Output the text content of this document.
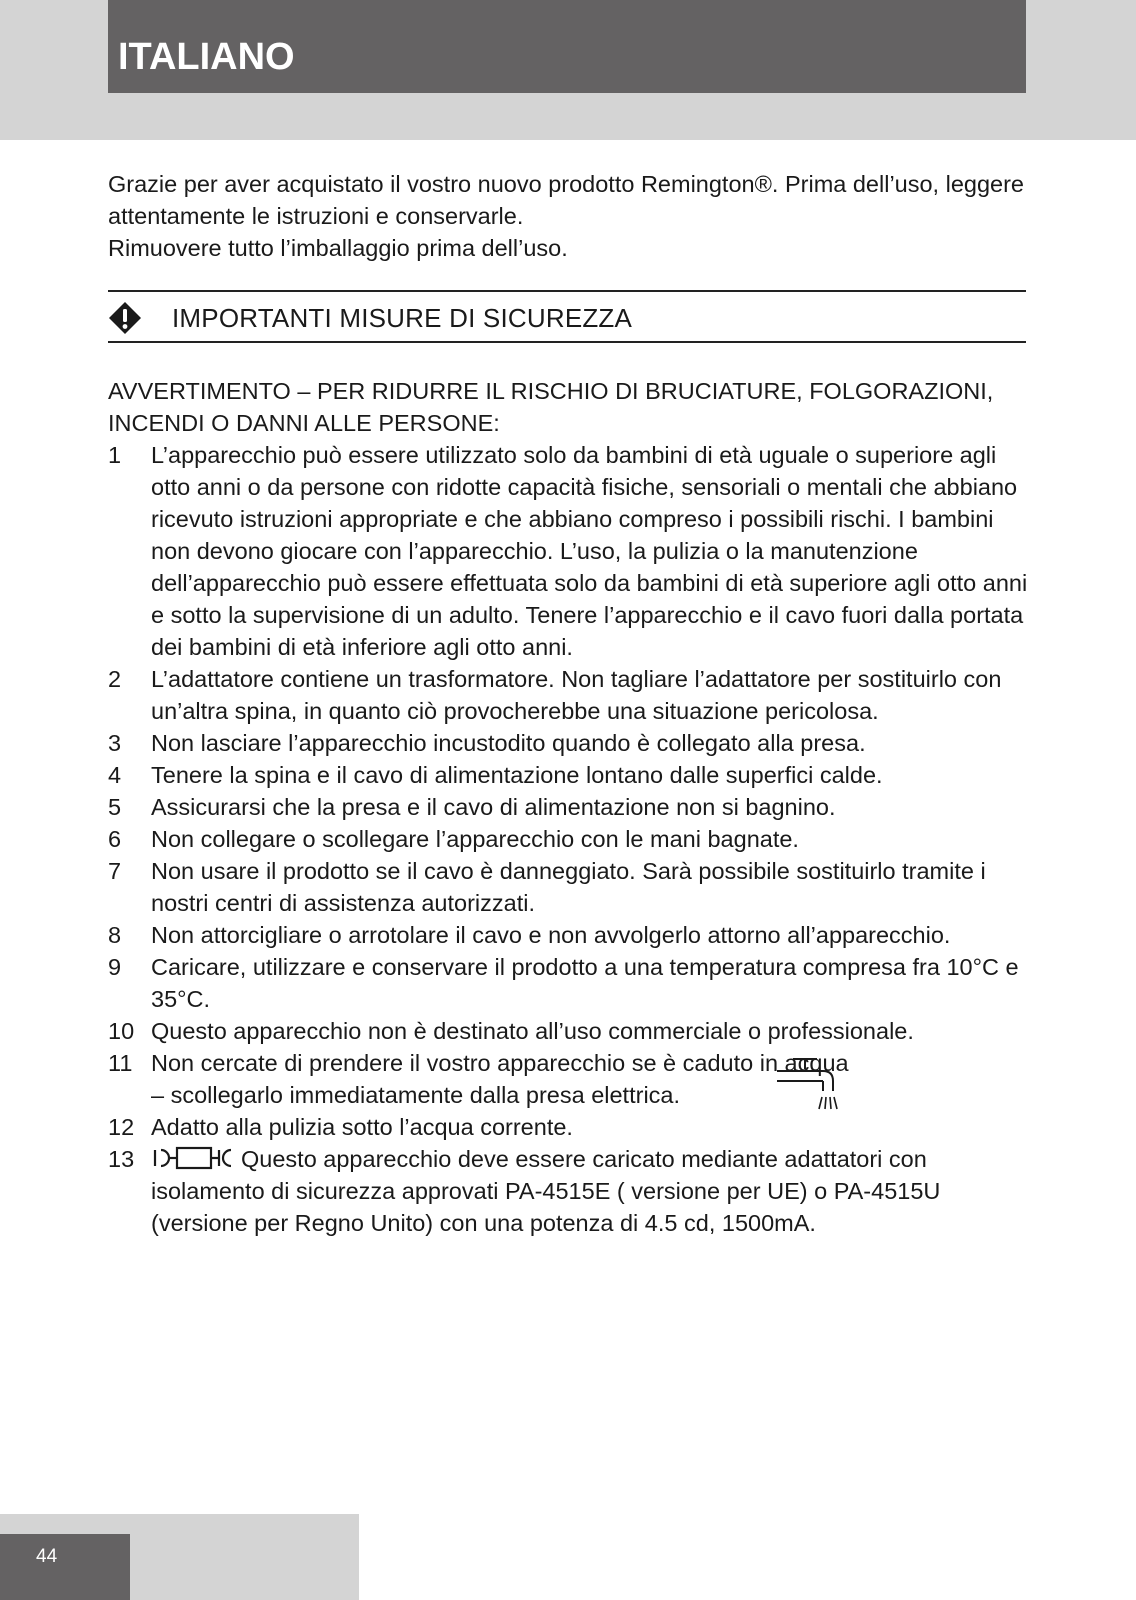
ITALIANO

Grazie per aver acquistato il vostro nuovo prodotto Remington®. Prima dell’uso, leggere attentamente le istruzioni e conservarle.

Rimuovere tutto l’imballaggio prima dell’uso.

IMPORTANTI MISURE DI SICUREZZA

AVVERTIMENTO – PER RIDURRE IL RISCHIO DI BRUCIATURE, FOLGORAZIONI, INCENDI O DANNI ALLE PERSONE:

1	L’apparecchio può essere utilizzato solo da bambini di età uguale o superiore agli otto anni o da persone con ridotte capacità fisiche, sensoriali o mentali che abbiano ricevuto istruzioni appropriate e che abbiano compreso i possibili rischi. I bambini non devono giocare con l’apparecchio. L’uso, la pulizia o la manutenzione dell’apparecchio può essere effettuata solo da bambini di età superiore agli otto anni e sotto la supervisione di un adulto. Tenere l’apparecchio e il cavo fuori dalla portata dei bambini di età inferiore agli otto anni.
2	L’adattatore contiene un trasformatore. Non tagliare l’adattatore per sostituirlo con un’altra spina, in quanto ciò provocherebbe una situazione pericolosa.
3	Non lasciare l’apparecchio incustodito quando è collegato alla presa.
4	Tenere la spina e il cavo di alimentazione lontano dalle superfici calde.
5	Assicurarsi che la presa e il cavo di alimentazione non si bagnino.
6	Non collegare o scollegare l’apparecchio con le mani bagnate.
7	Non usare il prodotto se il cavo è danneggiato. Sarà possibile sostituirlo tramite i nostri centri di assistenza autorizzati.
8	Non attorcigliare o arrotolare il cavo e non avvolgerlo attorno all’apparecchio.
9	Caricare, utilizzare e conservare il prodotto a una temperatura compresa fra 10°C e 35°C.
10 Questo apparecchio non è destinato all’uso commerciale o professionale.
11 Non cercate di prendere il vostro apparecchio se è caduto in acqua
– scollegarlo immediatamente dalla presa elettrica.
12 Adatto alla pulizia sotto l’acqua corrente.
13	Questo apparecchio deve essere caricato mediante adattatori con isolamento di sicurezza approvati PA-4515E ( versione per UE) o PA-4515U (versione per Regno Unito) con una potenza di 4.5 cd, 1500mA.
44
